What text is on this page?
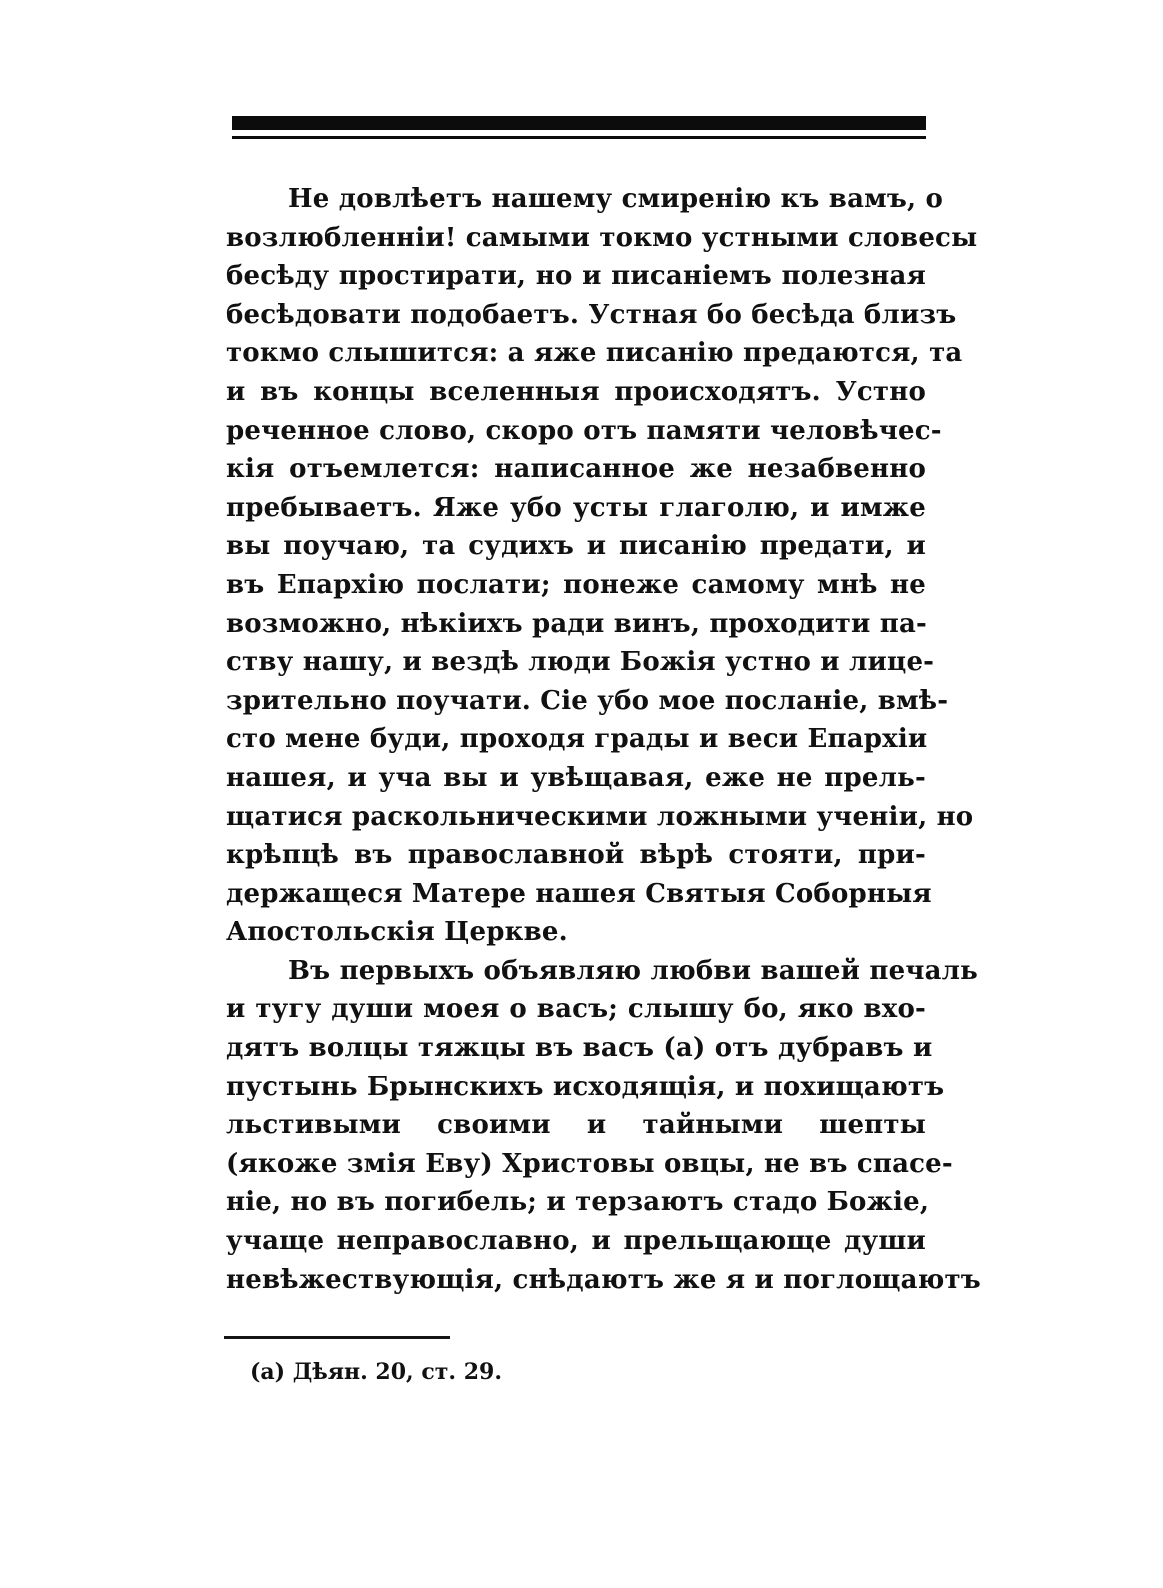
Не довлѣетъ нашему смиренію къ вамъ, о
возлюбленніи! самыми токмо устными словесы
бесѣду простирати, но и писаніемъ полезная
бесѣдовати подобаетъ. Устная бо бесѣда близъ
токмо слышится: а яже писанію предаются, та
и въ концы вселенныя происходятъ. Устно
реченное слово, скоро отъ памяти человѣчес-
кія отъемлется: написанное же незабвенно
пребываетъ. Яже убо усты глаголю, и имже
вы поучаю, та судихъ и писанію предати, и
въ Епархію послати; понеже самому мнѣ не
возможно, нѣкіихъ ради винъ, проходити па-
ству нашу, и вездѣ люди Божія устно и лице-
зрительно поучати. Сіе убо мое посланіе, вмѣ-
сто мене буди, проходя грады и веси Епархіи
нашея, и уча вы и увѣщавая, еже не прель-
щатися раскольническими ложными ученіи, но
крѣпцѣ въ православной вѣрѣ стояти, при-
держащеся Матере нашея Святыя Соборныя
Апостольскія Церкве.
Въ первыхъ объявляю любви вашей печаль
и тугу души моея о васъ; слышу бо, яко вхо-
дятъ волцы тяжцы въ васъ (а) отъ дубравъ и
пустынь Брынскихъ исходящія, и похищаютъ
льстивыми своими и тайными шепты
(якоже змія Еву) Христовы овцы, не въ спасе-
ніе, но въ погибель; и терзаютъ стадо Божіе,
учаще неправославно, и прельщающе души
невѣжествующія, снѣдаютъ же я и поглощаютъ
(а) Дѣян. 20, ст. 29.
